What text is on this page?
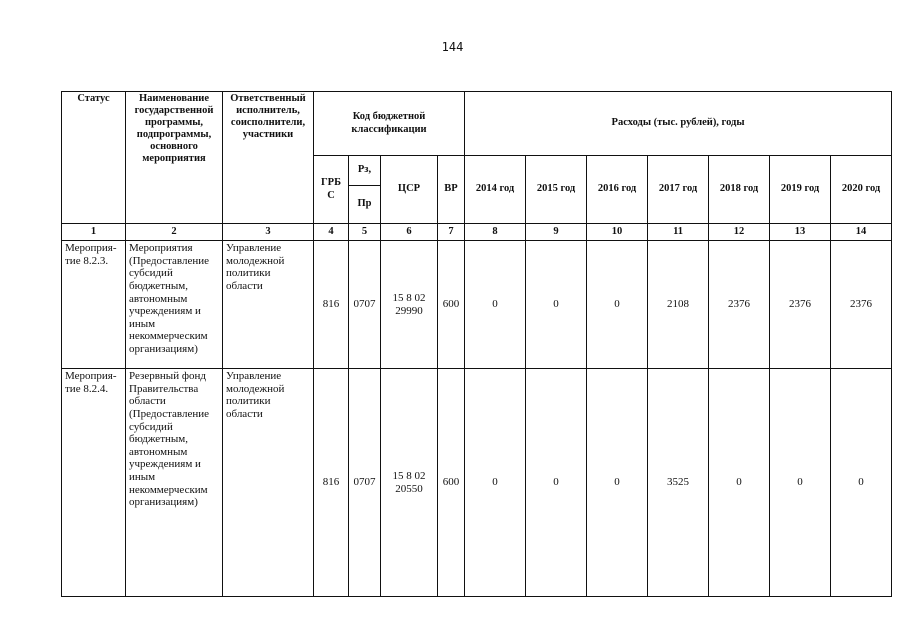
144
Статус	Наименование государственной программы, подпрограммы, основного мероприятия	Ответственный исполнитель, соисполнители, участники	Код бюджетной классификации				Расходы (тыс. рублей), годы						
			ГРБ С	Рз,	ЦСР	ВР	2014 год	2015 год	2016 год	2017 год	2018 год	2019 год	2020 год
				Пр									
1	2	3	4	5	6	7	8	9	10	11	12	13	14
Мероприя-тие 8.2.3.	Мероприятия (Предоставление субсидий бюджетным, автономным учреждениям и иным некоммерческим организациям)	Управление молодежной политики области	816	0707	15 8 02 29990	600	0	0	0	2108	2376	2376	2376
Мероприя-тие 8.2.4.	Резервный фонд Правительства области (Предоставление субсидий бюджетным, автономным учреждениям и иным некоммерческим организациям)	Управление молодежной политики области	816	0707	15 8 02 20550	600	0	0	0	3525	0	0	0
